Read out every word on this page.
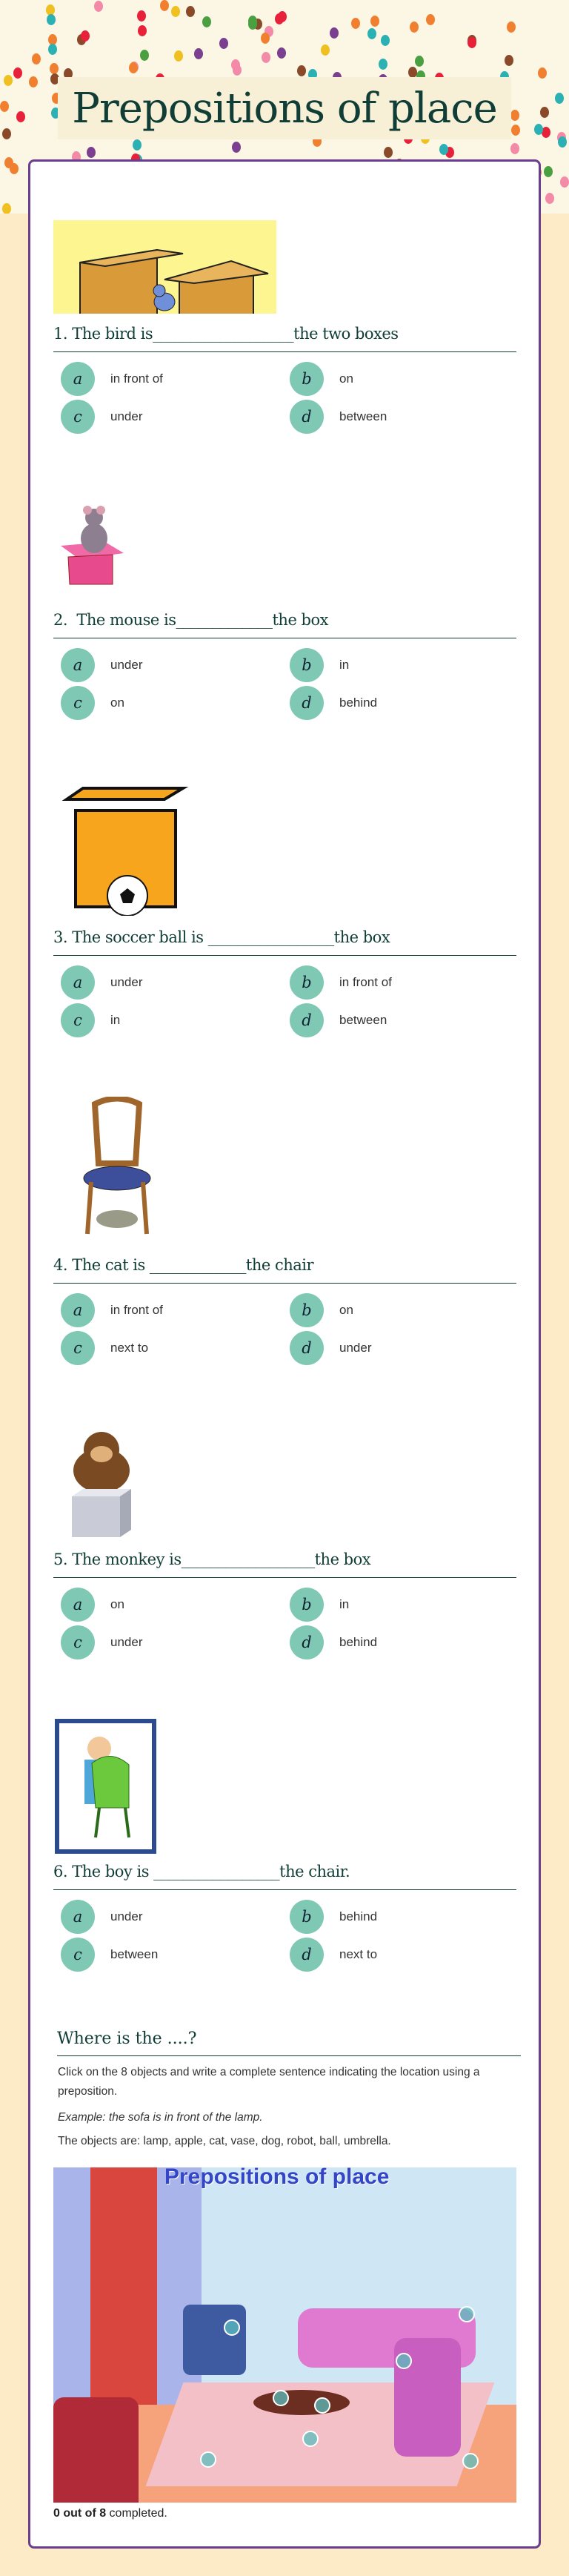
Prepositions of place
1. The bird is___________________the two boxes
a	in front of	b	on
c	under	d	between
2.  The mouse is_____________the box
a	under	b	in
c	on	d	behind
3. The soccer ball is _________________the box
a	under	b	in front of
c	in	d	between
4. The cat is _____________the chair
a	in front of	b	on
c	next to	d	under
5. The monkey is__________________the box
a	on	b	in
c	under	d	behind
6. The boy is _________________the chair.
a	under	b	behind
c	between	d	next to
Where is the ....?

Click on the 8 objects and write a complete sentence indicating the location using a preposition.

Example: the sofa is in front of the lamp.

The objects are: lamp, apple, cat, vase, dog, robot, ball, umbrella.

Prepositions of place
0 out of 8 completed.
